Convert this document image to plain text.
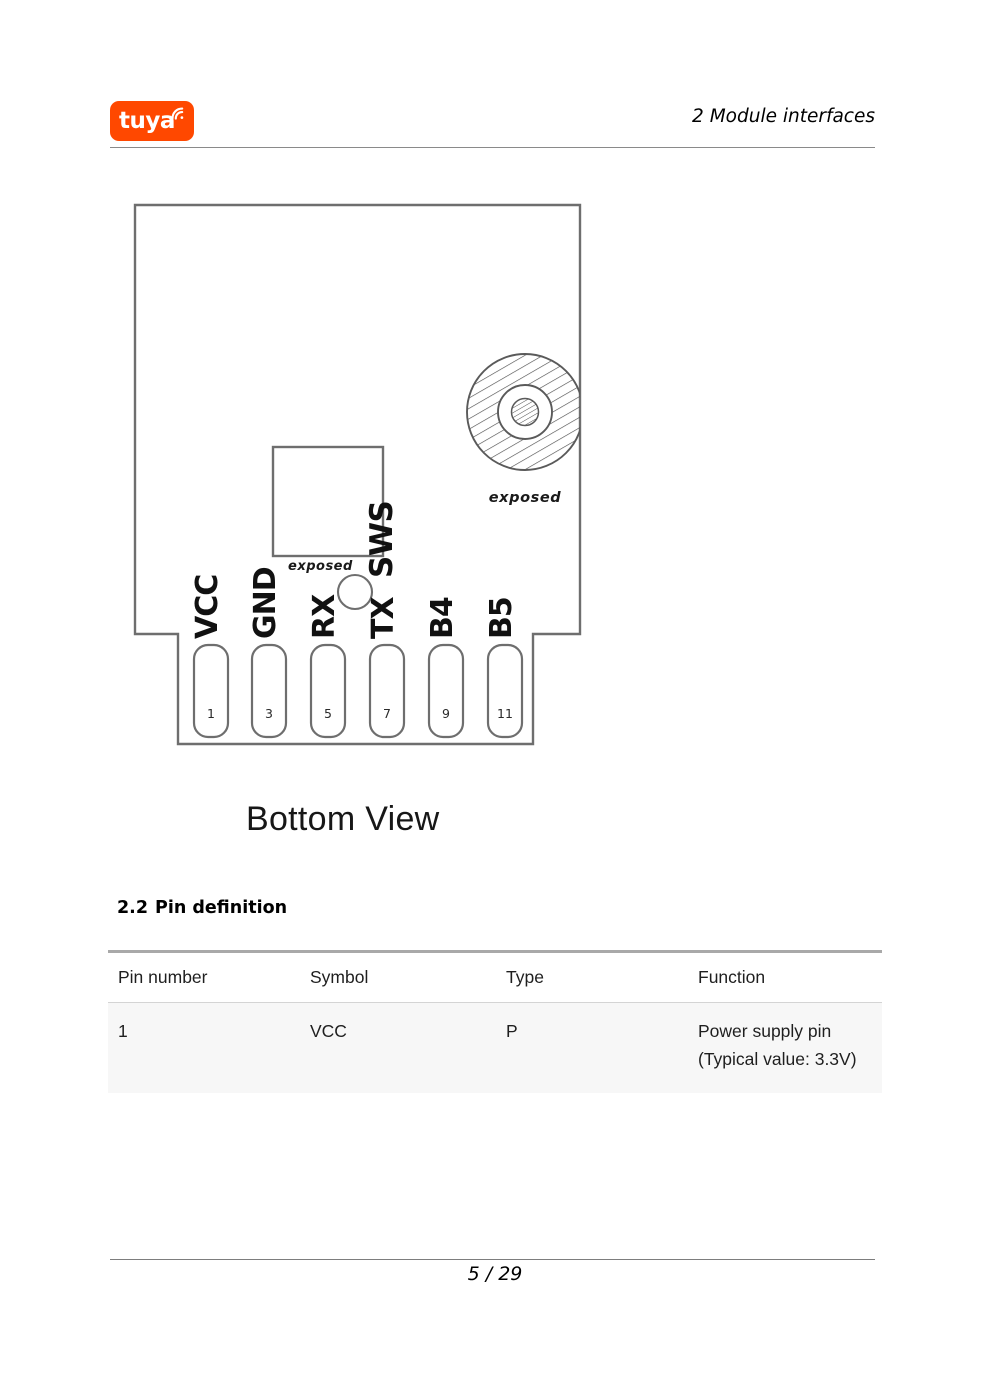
tuya	2 Module interfaces
exposed
exposed SWS
1
VCC
3
GND
5
RX
7
TX
9
B4
11
B5
Bottom View
2.2 Pin definition

Pin number	Symbol	Type	Function
1	VCC	P	Power supply pin (Typical value: 3.3V)
5 / 29
